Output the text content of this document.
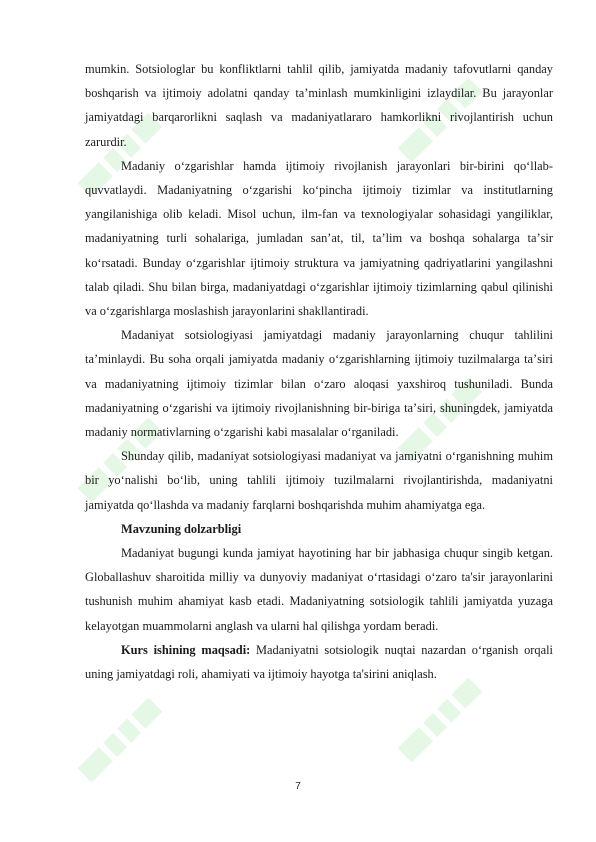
mumkin. Sotsiologlar bu konfliktlarni tahlil qilib, jamiyatda madaniy tafovutlarni qanday boshqarish va ijtimoiy adolatni qanday taʼminlash mumkinligini izlaydilar. Bu jarayonlar jamiyatdagi barqarorlikni saqlash va madaniyatlararo hamkorlikni rivojlantirish uchun zarurdir.

Madaniy oʻzgarishlar hamda ijtimoiy rivojlanish jarayonlari bir-birini qoʻllab-quvvatlaydi. Madaniyatning oʻzgarishi koʻpincha ijtimoiy tizimlar va institutlarning yangilanishiga olib keladi. Misol uchun, ilm-fan va texnologiyalar sohasidagi yangiliklar, madaniyatning turli sohalariga, jumladan sanʼat, til, taʼlim va boshqa sohalarga taʼsir koʻrsatadi. Bunday oʻzgarishlar ijtimoiy struktura va jamiyatning qadriyatlarini yangilashni talab qiladi. Shu bilan birga, madaniyatdagi oʻzgarishlar ijtimoiy tizimlarning qabul qilinishi va oʻzgarishlarga moslashish jarayonlarini shakllantiradi.

Madaniyat sotsiologiyasi jamiyatdagi madaniy jarayonlarning chuqur tahlilini taʼminlaydi. Bu soha orqali jamiyatda madaniy oʻzgarishlarning ijtimoiy tuzilmalarga taʼsiri va madaniyatning ijtimoiy tizimlar bilan oʻzaro aloqasi yaxshiroq tushuniladi. Bunda madaniyatning oʻzgarishi va ijtimoiy rivojlanishning bir-biriga taʼsiri, shuningdek, jamiyatda madaniy normativlarning oʻzgarishi kabi masalalar oʻrganiladi.

Shunday qilib, madaniyat sotsiologiyasi madaniyat va jamiyatni oʻrganishning muhim bir yoʻnalishi boʻlib, uning tahlili ijtimoiy tuzilmalarni rivojlantirishda, madaniyatni jamiyatda qoʻllashda va madaniy farqlarni boshqarishda muhim ahamiyatga ega.

Mavzuning dolzarbligi

Madaniyat bugungi kunda jamiyat hayotining har bir jabhasiga chuqur singib ketgan. Globallashuv sharoitida milliy va dunyoviy madaniyat oʻrtasidagi oʻzaro ta'sir jarayonlarini tushunish muhim ahamiyat kasb etadi. Madaniyatning sotsiologik tahlili jamiyatda yuzaga kelayotgan muammolarni anglash va ularni hal qilishga yordam beradi.

Kurs ishining maqsadi: Madaniyatni sotsiologik nuqtai nazardan oʻrganish orqali uning jamiyatdagi roli, ahamiyati va ijtimoiy hayotga ta'sirini aniqlash.

7
